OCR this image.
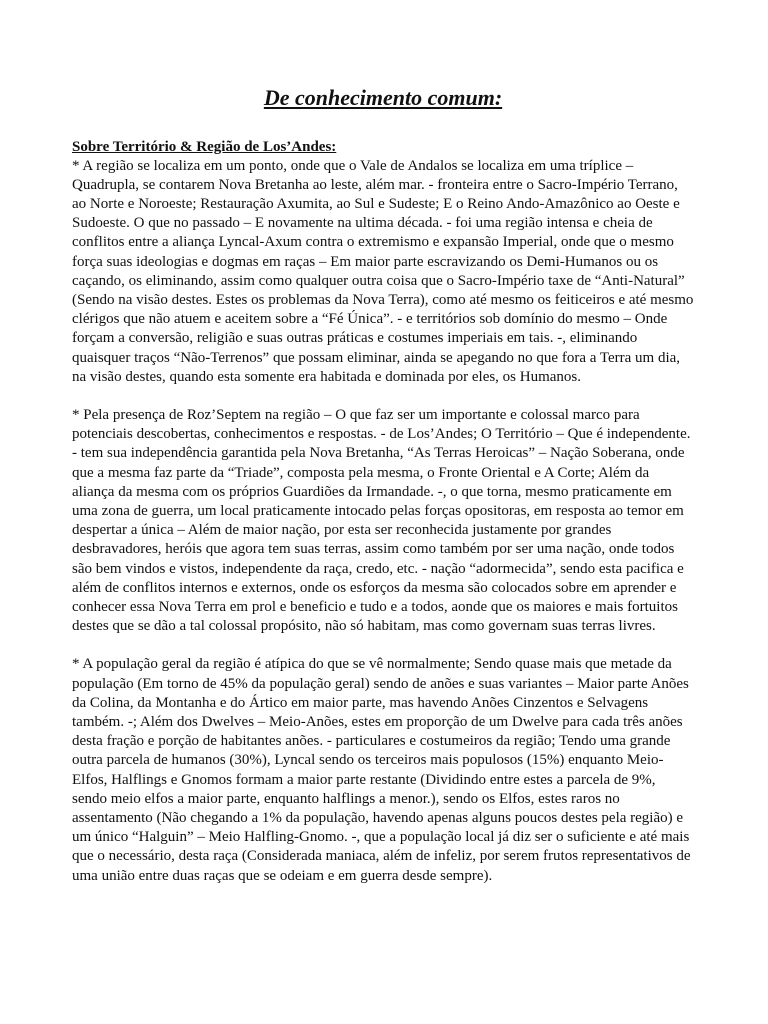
De conhecimento comum:

Sobre Território & Região de Los’Andes:

* A região se localiza em um ponto, onde que o Vale de Andalos se localiza em uma tríplice – Quadrupla, se contarem Nova Bretanha ao leste, além mar. - fronteira entre o Sacro-Império Terrano, ao Norte e Noroeste; Restauração Axumita, ao Sul e Sudeste; E o Reino Ando-Amazônico ao Oeste e Sudoeste. O que no passado – E novamente na ultima década. - foi uma região intensa e cheia de conflitos entre a aliança Lyncal-Axum contra o extremismo e expansão Imperial, onde que o mesmo força suas ideologias e dogmas em raças – Em maior parte escravizando os Demi-Humanos ou os caçando, os eliminando, assim como qualquer outra coisa que o Sacro-Império taxe de “Anti-Natural” (Sendo na visão destes. Estes os problemas da Nova Terra), como até mesmo os feiticeiros e até mesmo clérigos que não atuem e aceitem sobre a “Fé Única”. - e territórios sob domínio do mesmo – Onde forçam a conversão, religião e suas outras práticas e costumes imperiais em tais. -, eliminando quaisquer traços “Não-Terrenos” que possam eliminar, ainda se apegando no que fora a Terra um dia, na visão destes, quando esta somente era habitada e dominada por eles, os Humanos.

* Pela presença de Roz’Septem na região – O que faz ser um importante e colossal marco para potenciais descobertas, conhecimentos e respostas. - de Los’Andes; O Território – Que é independente. - tem sua independência garantida pela Nova Bretanha, “As Terras Heroicas” – Nação Soberana, onde que a mesma faz parte da “Triade”, composta pela mesma, o Fronte Oriental e A Corte; Além da aliança da mesma com os próprios Guardiões da Irmandade. -, o que torna, mesmo praticamente em uma zona de guerra, um local praticamente intocado pelas forças opositoras, em resposta ao temor em despertar a única – Além de maior nação, por esta ser reconhecida justamente por grandes desbravadores, heróis que agora tem suas terras, assim como também por ser uma nação, onde todos são bem vindos e vistos, independente da raça, credo, etc. - nação “adormecida”, sendo esta pacifica e além de conflitos internos e externos, onde os esforços da mesma são colocados sobre em aprender e conhecer essa Nova Terra em prol e beneficio e tudo e a todos, aonde que os maiores e mais fortuitos destes que se dão a tal colossal propósito, não só habitam, mas como governam suas terras livres.

* A população geral da região é atípica do que se vê normalmente; Sendo quase mais que metade da população (Em torno de 45% da população geral) sendo de anões e suas variantes – Maior parte Anões da Colina, da Montanha e do Ártico em maior parte, mas havendo Anões Cinzentos e Selvagens também. -; Além dos Dwelves – Meio-Anões, estes em proporção de um Dwelve para cada três anões desta fração e porção de habitantes anões. - particulares e costumeiros da região; Tendo uma grande outra parcela de humanos (30%), Lyncal sendo os terceiros mais populosos (15%) enquanto Meio-Elfos, Halflings e Gnomos formam a maior parte restante (Dividindo entre estes a parcela de 9%, sendo meio elfos a maior parte, enquanto halflings a menor.), sendo os Elfos, estes raros no assentamento (Não chegando a 1% da população, havendo apenas alguns poucos destes pela região) e um único “Halguin” – Meio Halfling-Gnomo. -, que a população local já diz ser o suficiente e até mais que o necessário, desta raça (Considerada maniaca, além de infeliz, por serem frutos representativos de uma união entre duas raças que se odeiam e em guerra desde sempre).
